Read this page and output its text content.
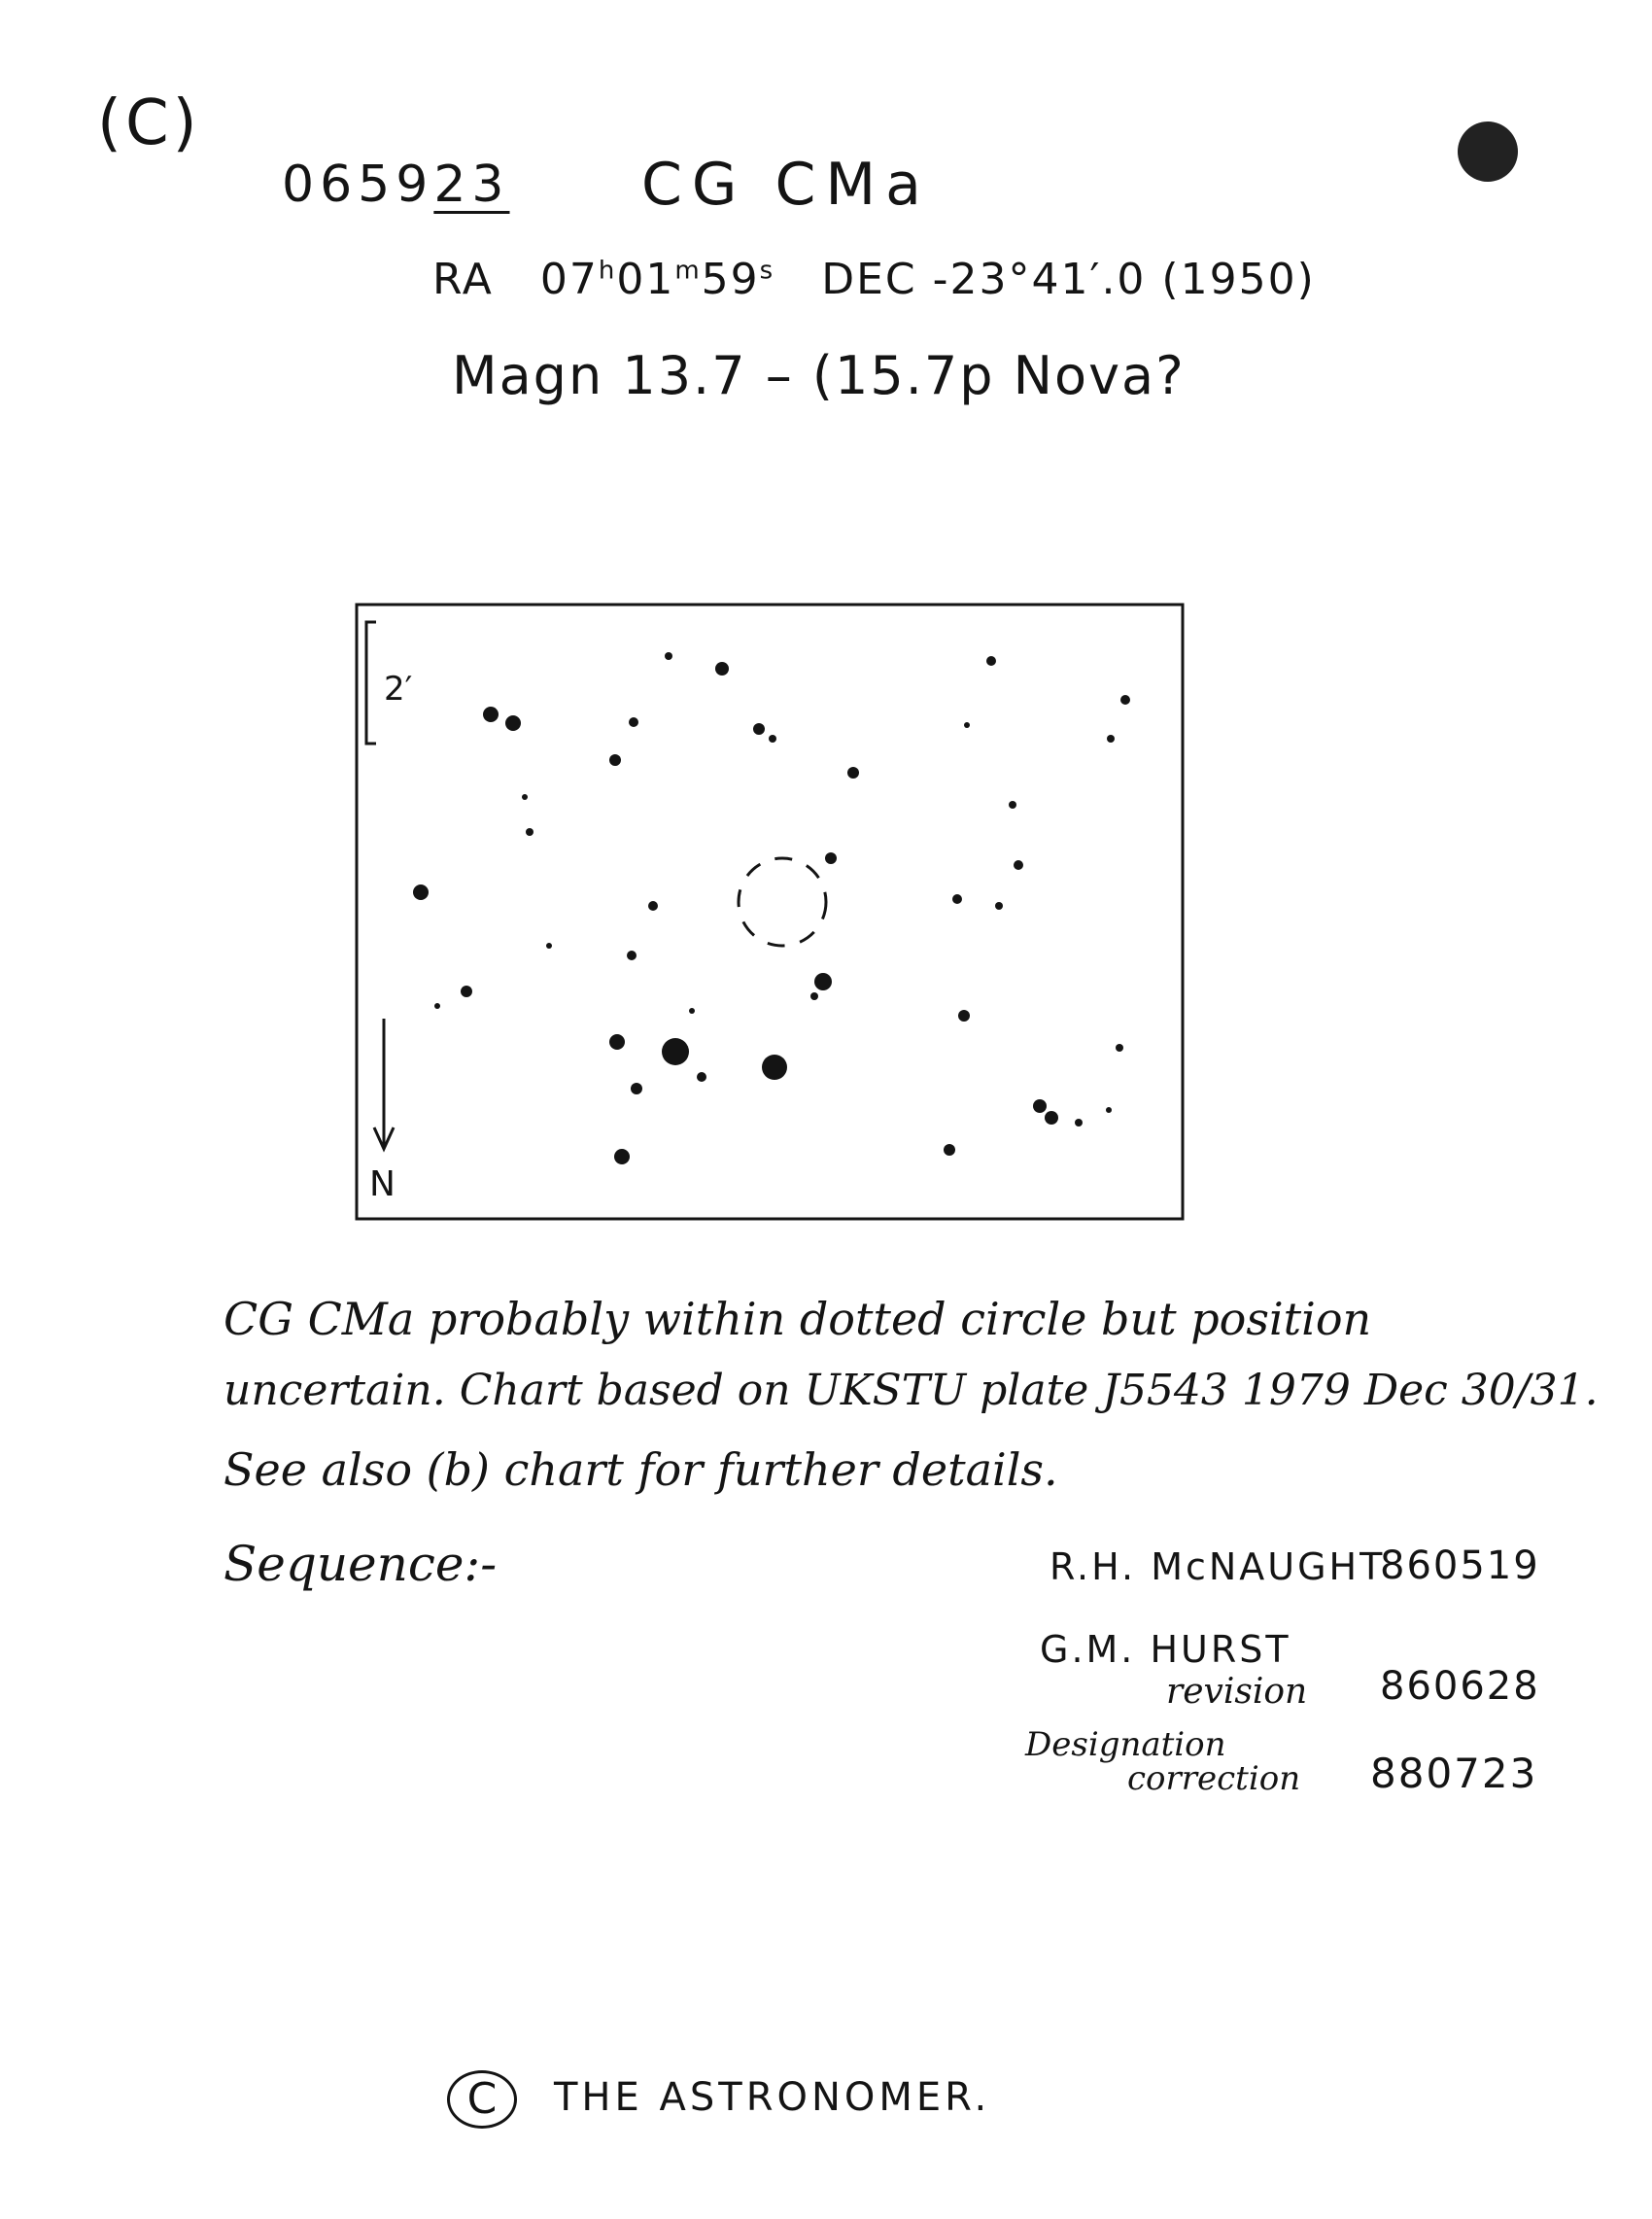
(C)
065923 CG CMa
RA 07$^h$01$^m$59$^s$ DEC -23°41′.0 (1950)
Magn 13.7 – (15.7p Nova?
2′
N
CG CMa probably within dotted circle but position
uncertain. Chart based on UKSTU plate J5543 1979 Dec 30/31.
See also (b) chart for further details.
Sequence:-	R.H. McNAUGHT
860519
G.M. HURST
revision 860628
Designation
correction 880723
C	THE ASTRONOMER.
